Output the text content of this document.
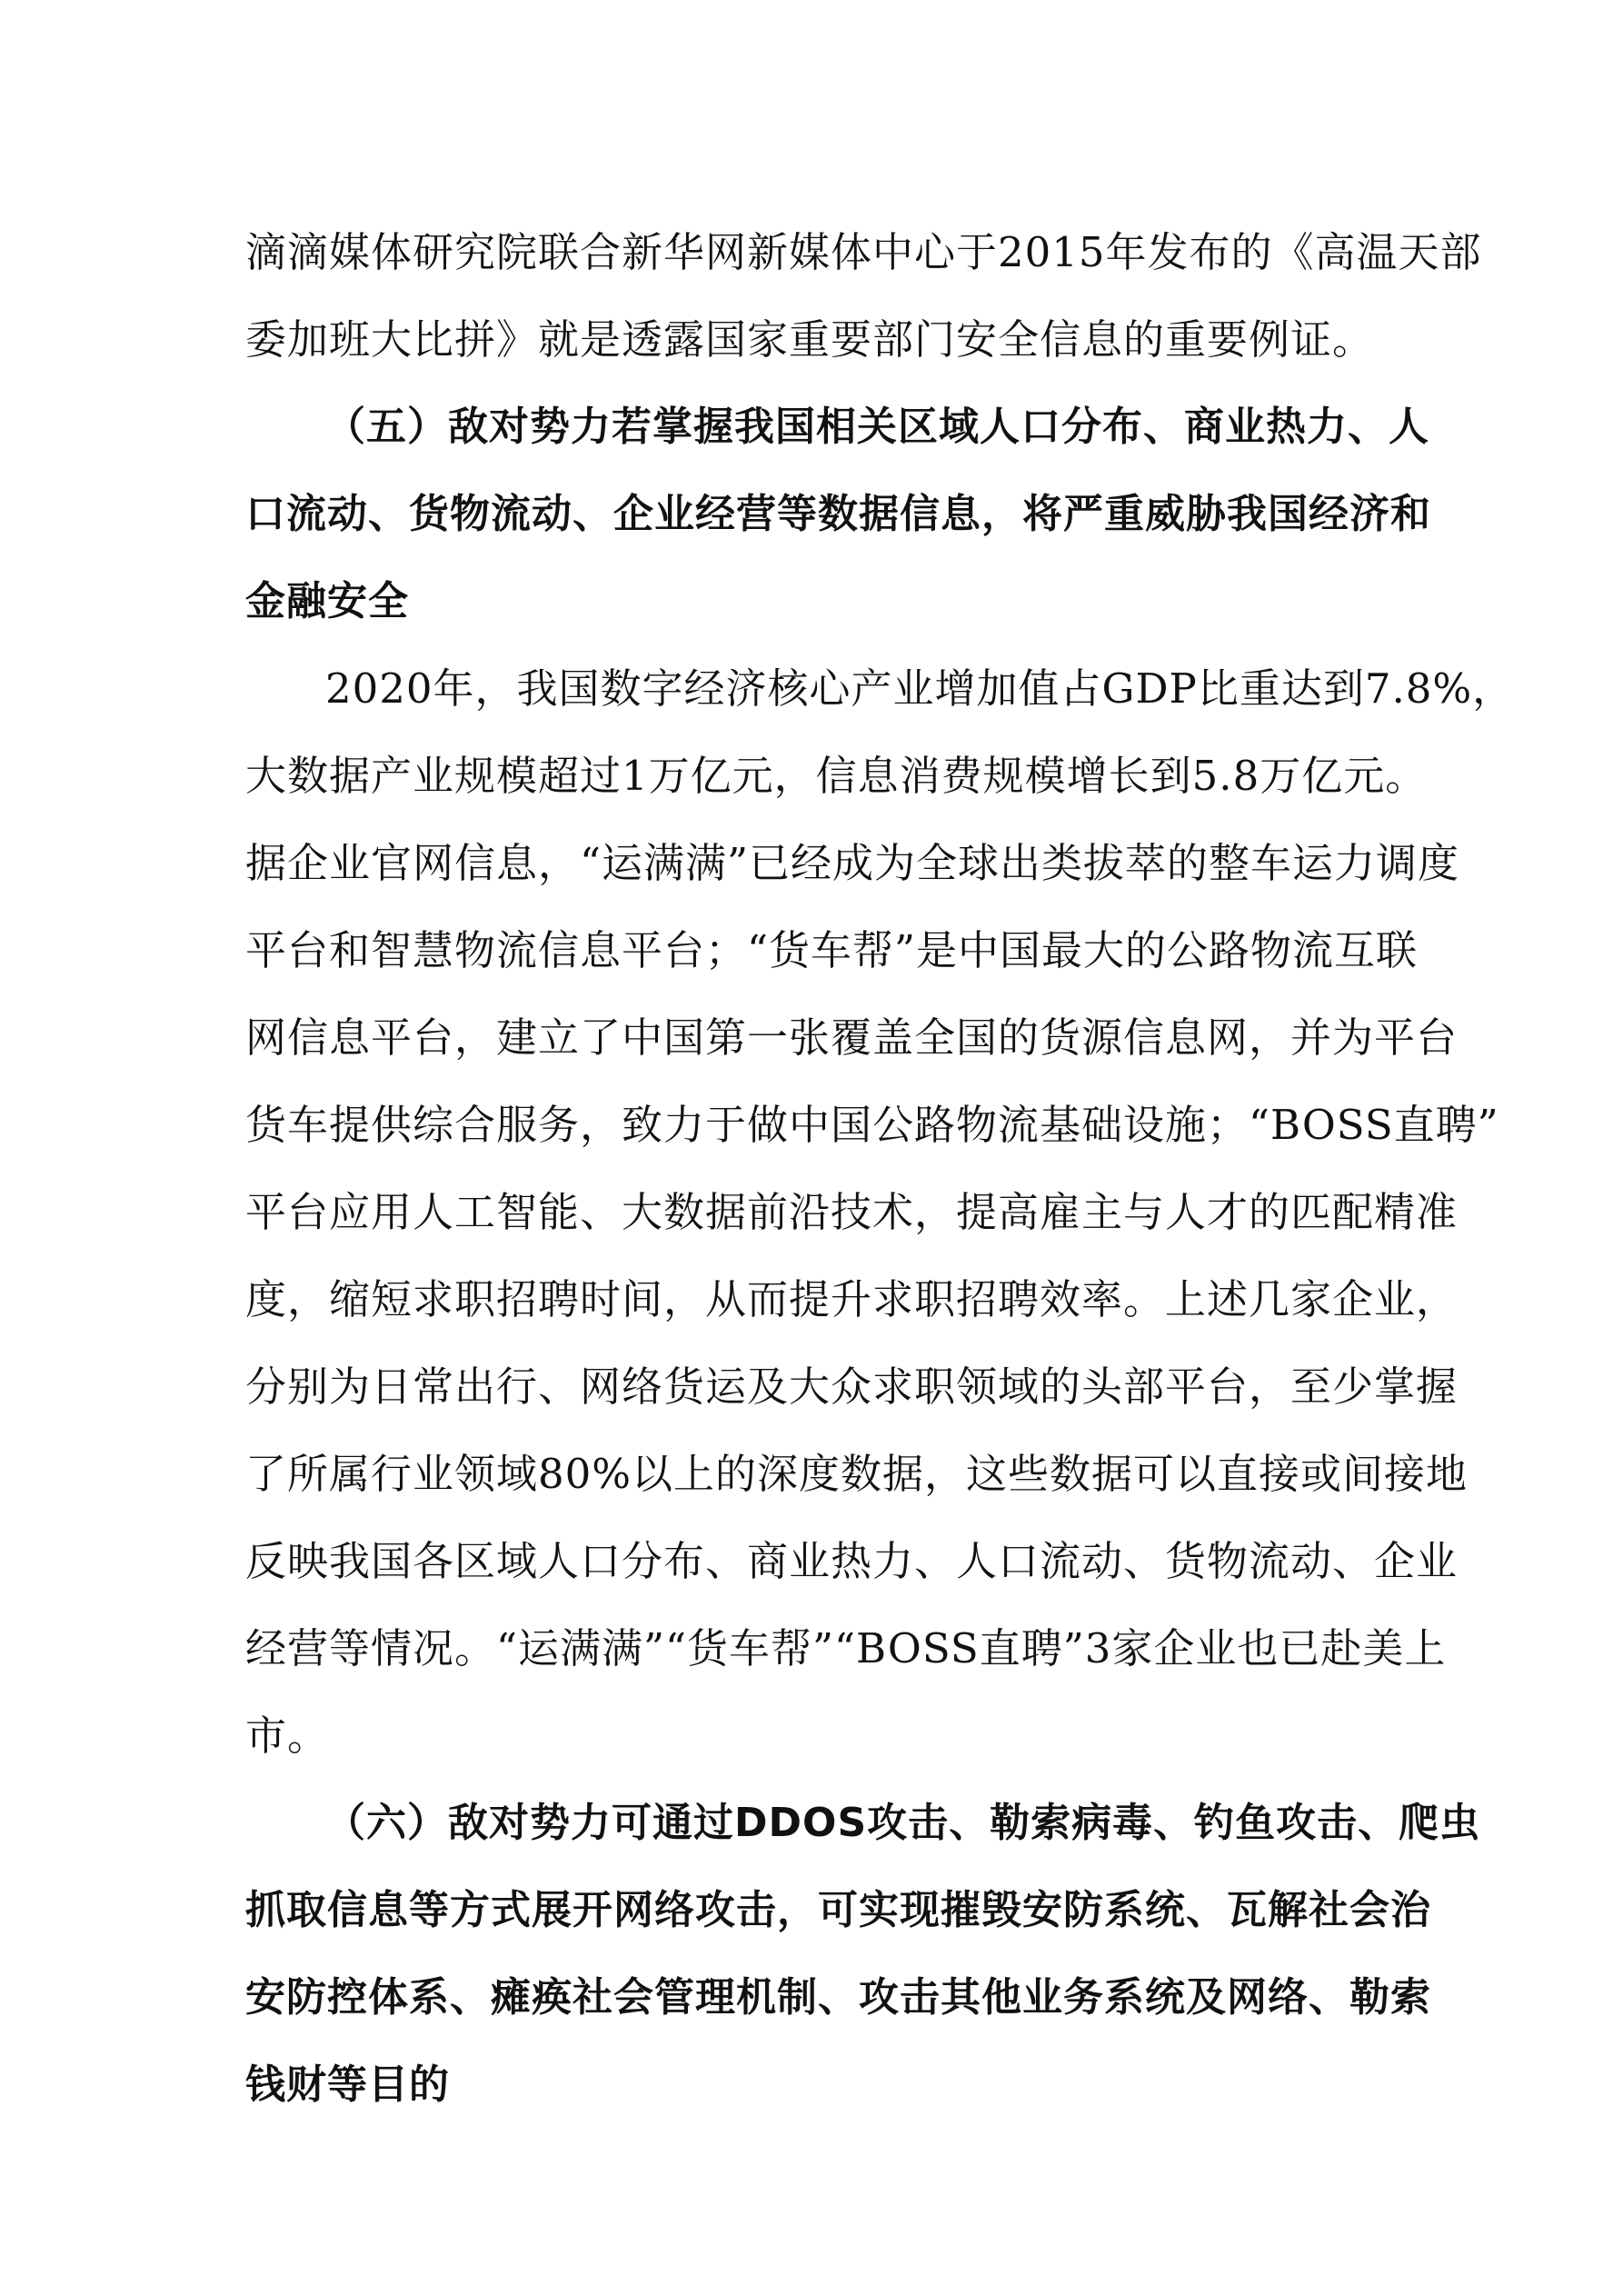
滴滴媒体研究院联合新华网新媒体中心于2015年发布的《高温天部
委加班大比拼》就是透露国家重要部门安全信息的重要例证。
（五）敌对势力若掌握我国相关区域人口分布、商业热力、人
口流动、货物流动、企业经营等数据信息，将严重威胁我国经济和
金融安全
2020年，我国数字经济核心产业增加值占GDP比重达到7.8%，
大数据产业规模超过1万亿元，信息消费规模增长到5.8万亿元。
据企业官网信息，“运满满”已经成为全球出类拔萃的整车运力调度
平台和智慧物流信息平台；“货车帮”是中国最大的公路物流互联
网信息平台，建立了中国第一张覆盖全国的货源信息网，并为平台
货车提供综合服务，致力于做中国公路物流基础设施；“BOSS直聘”
平台应用人工智能、大数据前沿技术，提高雇主与人才的匹配精准
度，缩短求职招聘时间，从而提升求职招聘效率。上述几家企业，
分别为日常出行、网络货运及大众求职领域的头部平台，至少掌握
了所属行业领域80%以上的深度数据，这些数据可以直接或间接地
反映我国各区域人口分布、商业热力、人口流动、货物流动、企业
经营等情况。“运满满”“货车帮”“BOSS直聘”3家企业也已赴美上
市。
（六）敌对势力可通过DDOS攻击、勒索病毒、钓鱼攻击、爬虫
抓取信息等方式展开网络攻击，可实现摧毁安防系统、瓦解社会治
安防控体系、瘫痪社会管理机制、攻击其他业务系统及网络、勒索
钱财等目的
